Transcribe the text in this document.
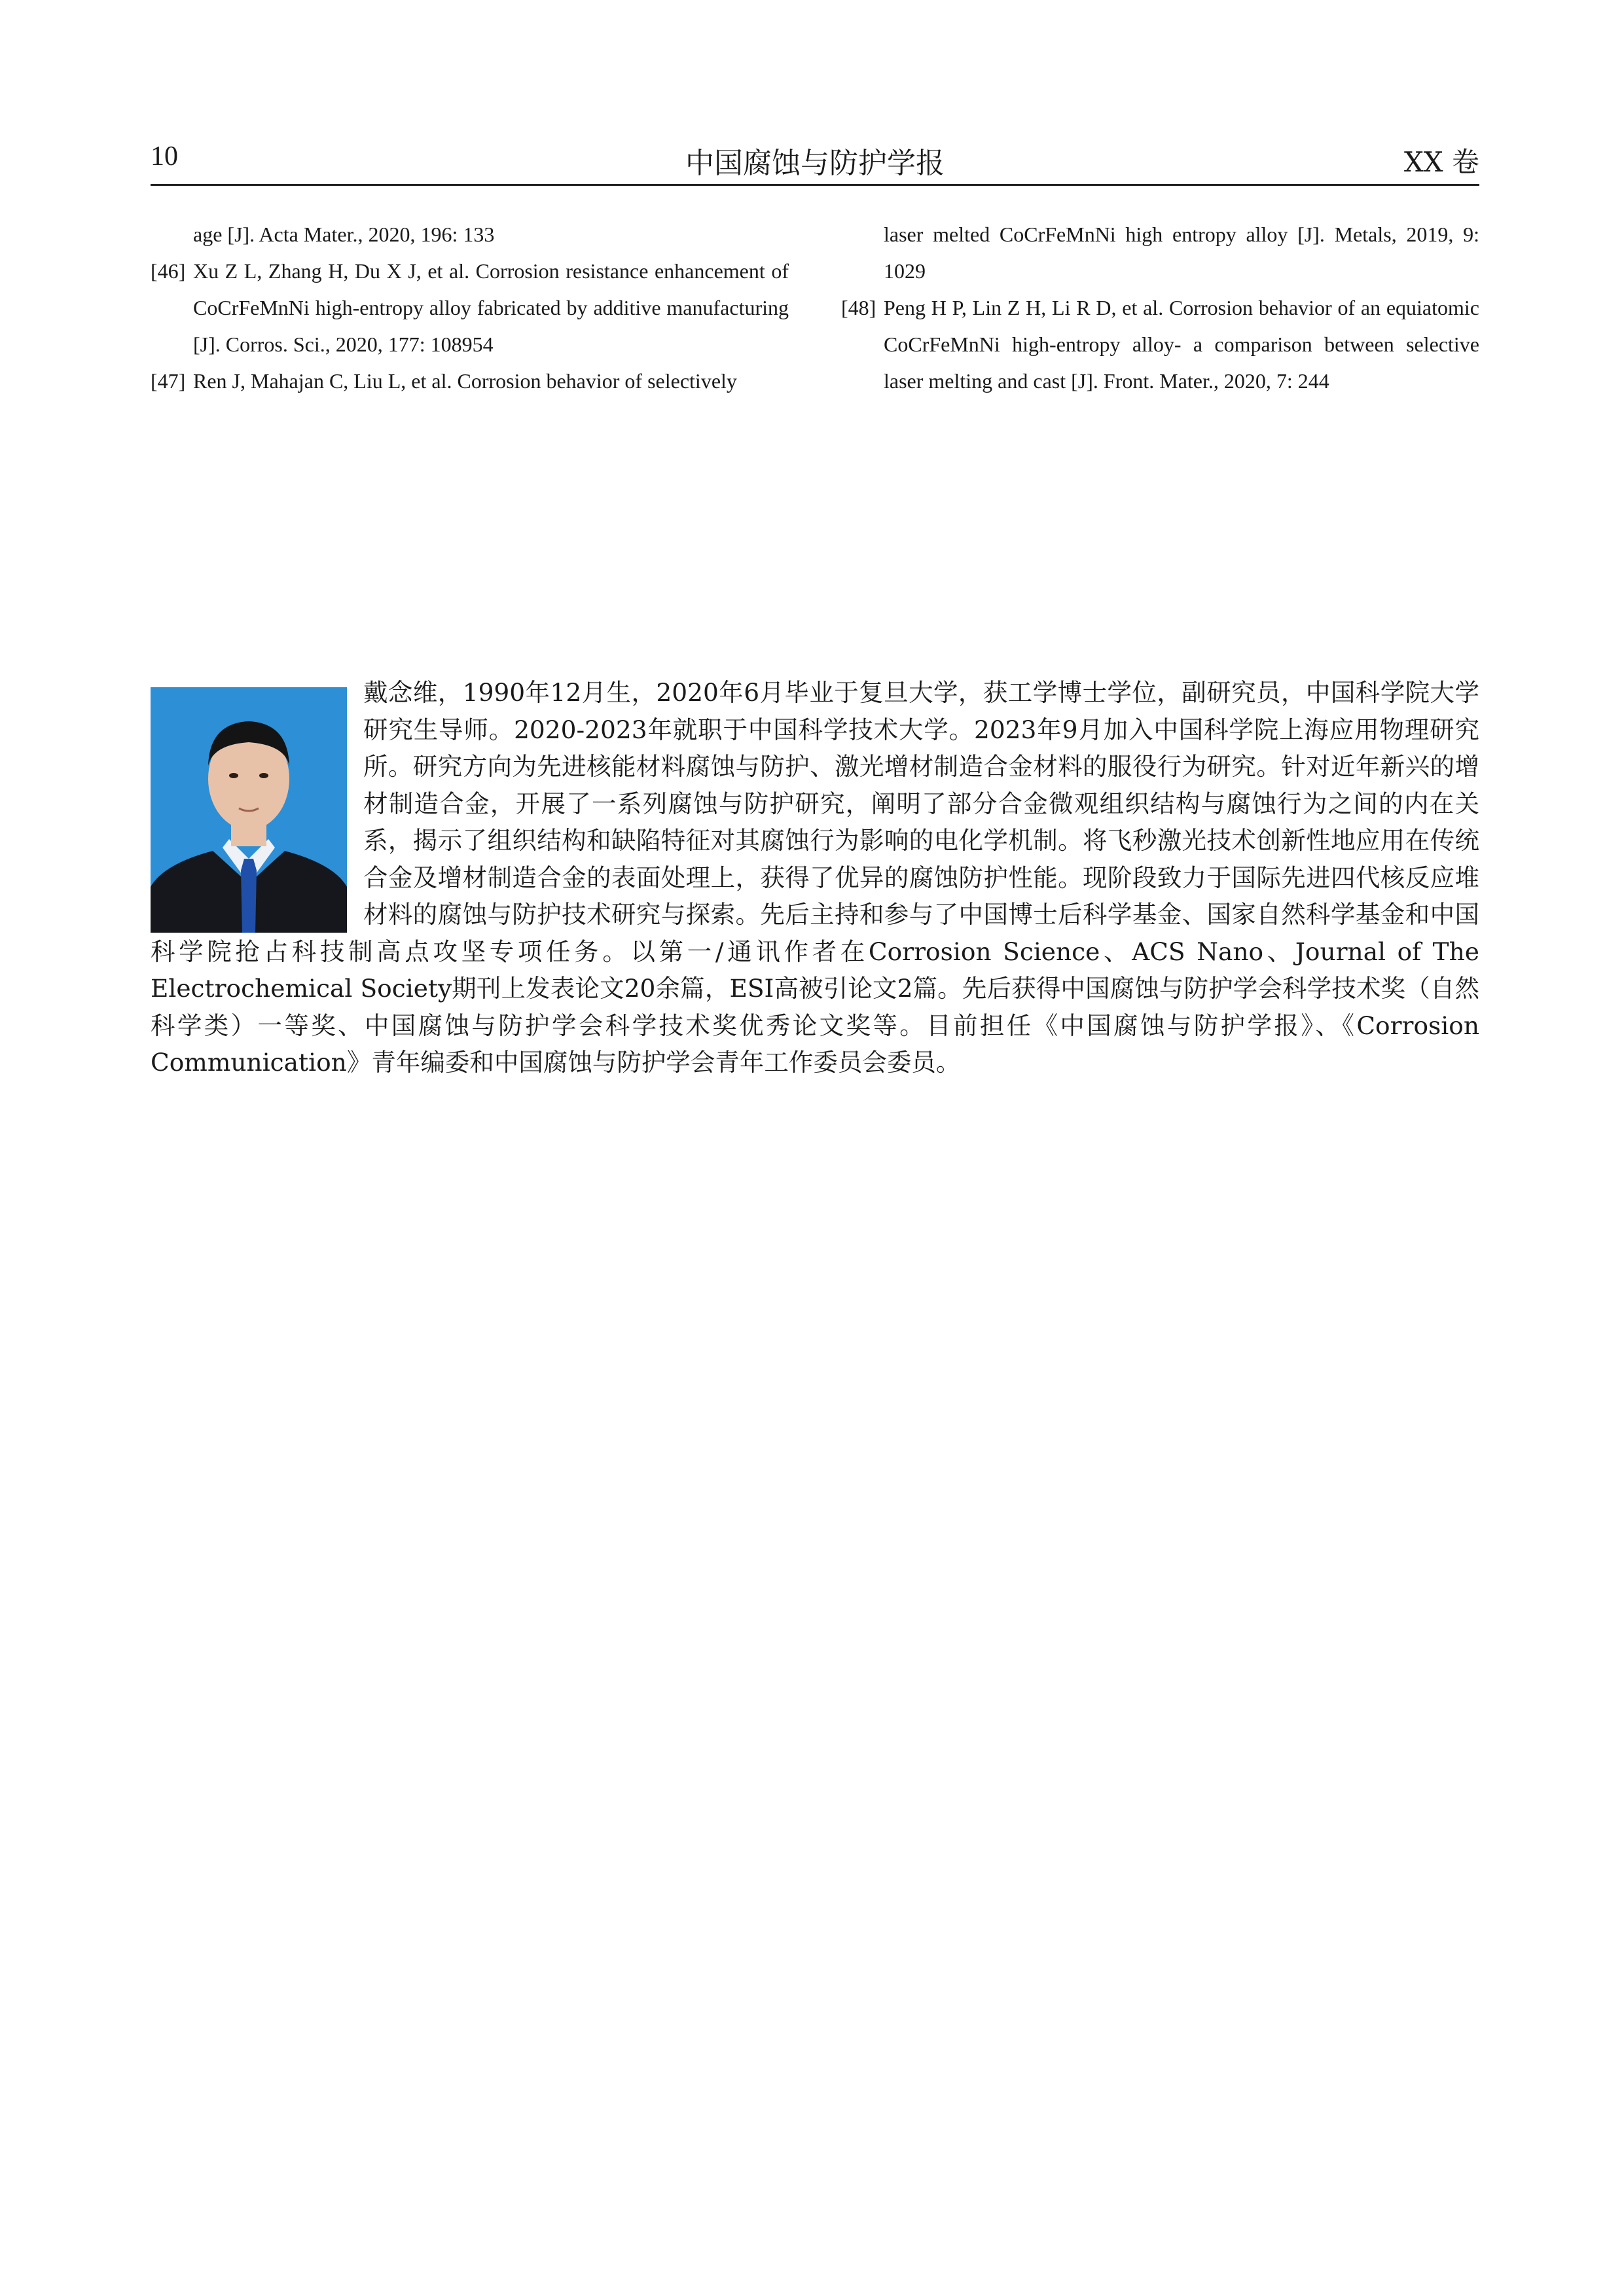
10	中国腐蚀与防护学报	XX 卷
age [J]. Acta Mater., 2020, 196: 133
[46] Xu Z L, Zhang H, Du X J, et al. Corrosion resistance enhancement of CoCrFeMnNi high-entropy alloy fabricated by additive manufacturing [J]. Corros. Sci., 2020, 177: 108954
[47] Ren J, Mahajan C, Liu L, et al. Corrosion behavior of selectively
laser melted CoCrFeMnNi high entropy alloy [J]. Metals, 2019, 9: 1029
[48] Peng H P, Lin Z H, Li R D, et al. Corrosion behavior of an equiatomic CoCrFeMnNi high-entropy alloy- a comparison between selective laser melting and cast [J]. Front. Mater., 2020, 7: 244
戴念维，1990年12月生，2020年6月毕业于复旦大学，获工学博士学位，副研究员，中国科学院大学研究生导师。2020-2023年就职于中国科学技术大学。2023年9月加入中国科学院上海应用物理研究所。研究方向为先进核能材料腐蚀与防护、激光增材制造合金材料的服役行为研究。针对近年新兴的增材制造合金，开展了一系列腐蚀与防护研究，阐明了部分合金微观组织结构与腐蚀行为之间的内在关系，揭示了组织结构和缺陷特征对其腐蚀行为影响的电化学机制。将飞秒激光技术创新性地应用在传统合金及增材制造合金的表面处理上，获得了优异的腐蚀防护性能。现阶段致力于国际先进四代核反应堆材料的腐蚀与防护技术研究与探索。先后主持和参与了中国博士后科学基金、国家自然科学基金和中国科学院抢占科技制高点攻坚专项任务。以第一/通讯作者在Corrosion Science、ACS Nano、Journal of The Electrochemical Society期刊上发表论文20余篇，ESI高被引论文2篇。先后获得中国腐蚀与防护学会科学技术奖（自然科学类）一等奖、中国腐蚀与防护学会科学技术奖优秀论文奖等。目前担任《中国腐蚀与防护学报》、《Corrosion Communication》青年编委和中国腐蚀与防护学会青年工作委员会委员。
